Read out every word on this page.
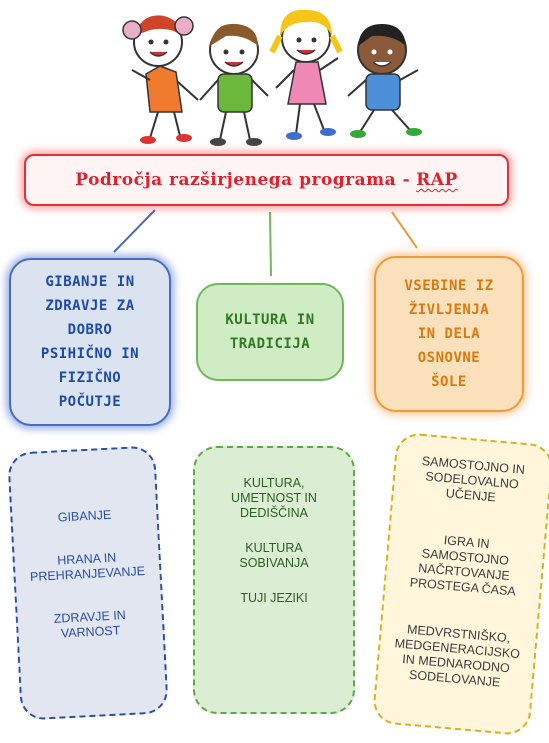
Področja razširjenega programa - RAP
GIBANJE IN
ZDRAVJE ZA
DOBRO
PSIHIČNO IN
FIZIČNO
POČUTJE
KULTURA IN
TRADICIJA
VSEBINE IZ
ŽIVLJENJA
IN DELA
OSNOVNE
ŠOLE
GIBANJE
HRANA IN
PREHRANJEVANJE
ZDRAVJE IN
VARNOST
KULTURA,
UMETNOST IN
DEDIŠČINA
KULTURA
SOBIVANJA
TUJI JEZIKI
SAMOSTOJNO IN
SODELOVALNO
UČENJE
IGRA IN
SAMOSTOJNO
NAČRTOVANJE
PROSTEGA ČASA
MEDVRSTNIŠKO,
MEDGENERACIJSKO
IN MEDNARODNO
SODELOVANJE
